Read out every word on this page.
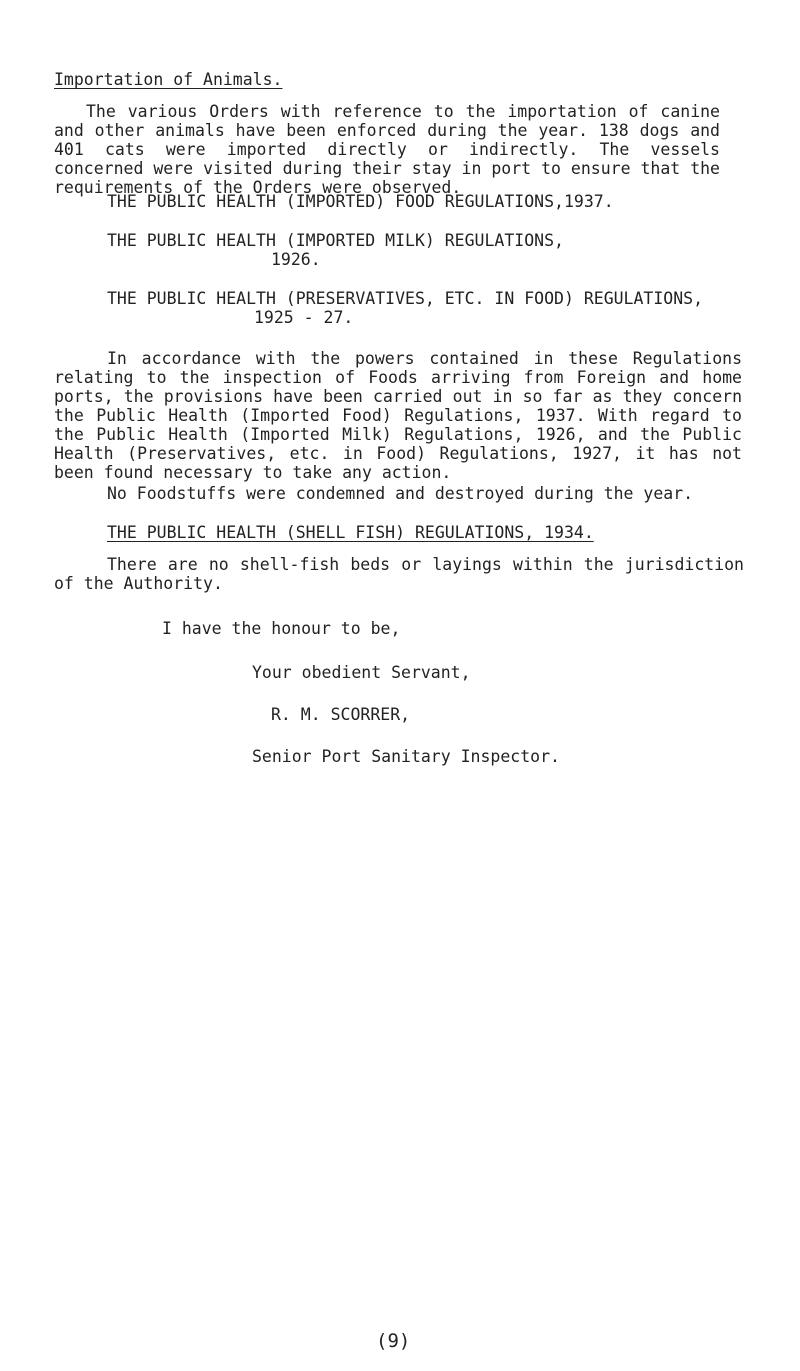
Importation of Animals.
The various Orders with reference to the importation of canine and other animals have been enforced during the year. 138 dogs and 401 cats were imported directly or indirectly. The vessels concerned were visited during their stay in port to ensure that the requirements of the Orders were observed.
THE PUBLIC HEALTH (IMPORTED) FOOD REGULATIONS,1937.
THE PUBLIC HEALTH (IMPORTED MILK) REGULATIONS,
1926.
THE PUBLIC HEALTH (PRESERVATIVES, ETC. IN FOOD) REGULATIONS,
1925 - 27.
In accordance with the powers contained in these Regulations relating to the inspection of Foods arriving from Foreign and home ports, the provisions have been carried out in so far as they concern the Public Health (Imported Food) Regulations, 1937. With regard to the Public Health (Imported Milk) Regulations, 1926, and the Public Health (Preservatives, etc. in Food) Regulations, 1927, it has not been found necessary to take any action.
No Foodstuffs were condemned and destroyed during the year.
THE PUBLIC HEALTH (SHELL FISH) REGULATIONS, 1934.
There are no shell-fish beds or layings within the jurisdiction of the Authority.
I have the honour to be,
Your obedient Servant,
R. M. SCORRER,
Senior Port Sanitary Inspector.
(9)
